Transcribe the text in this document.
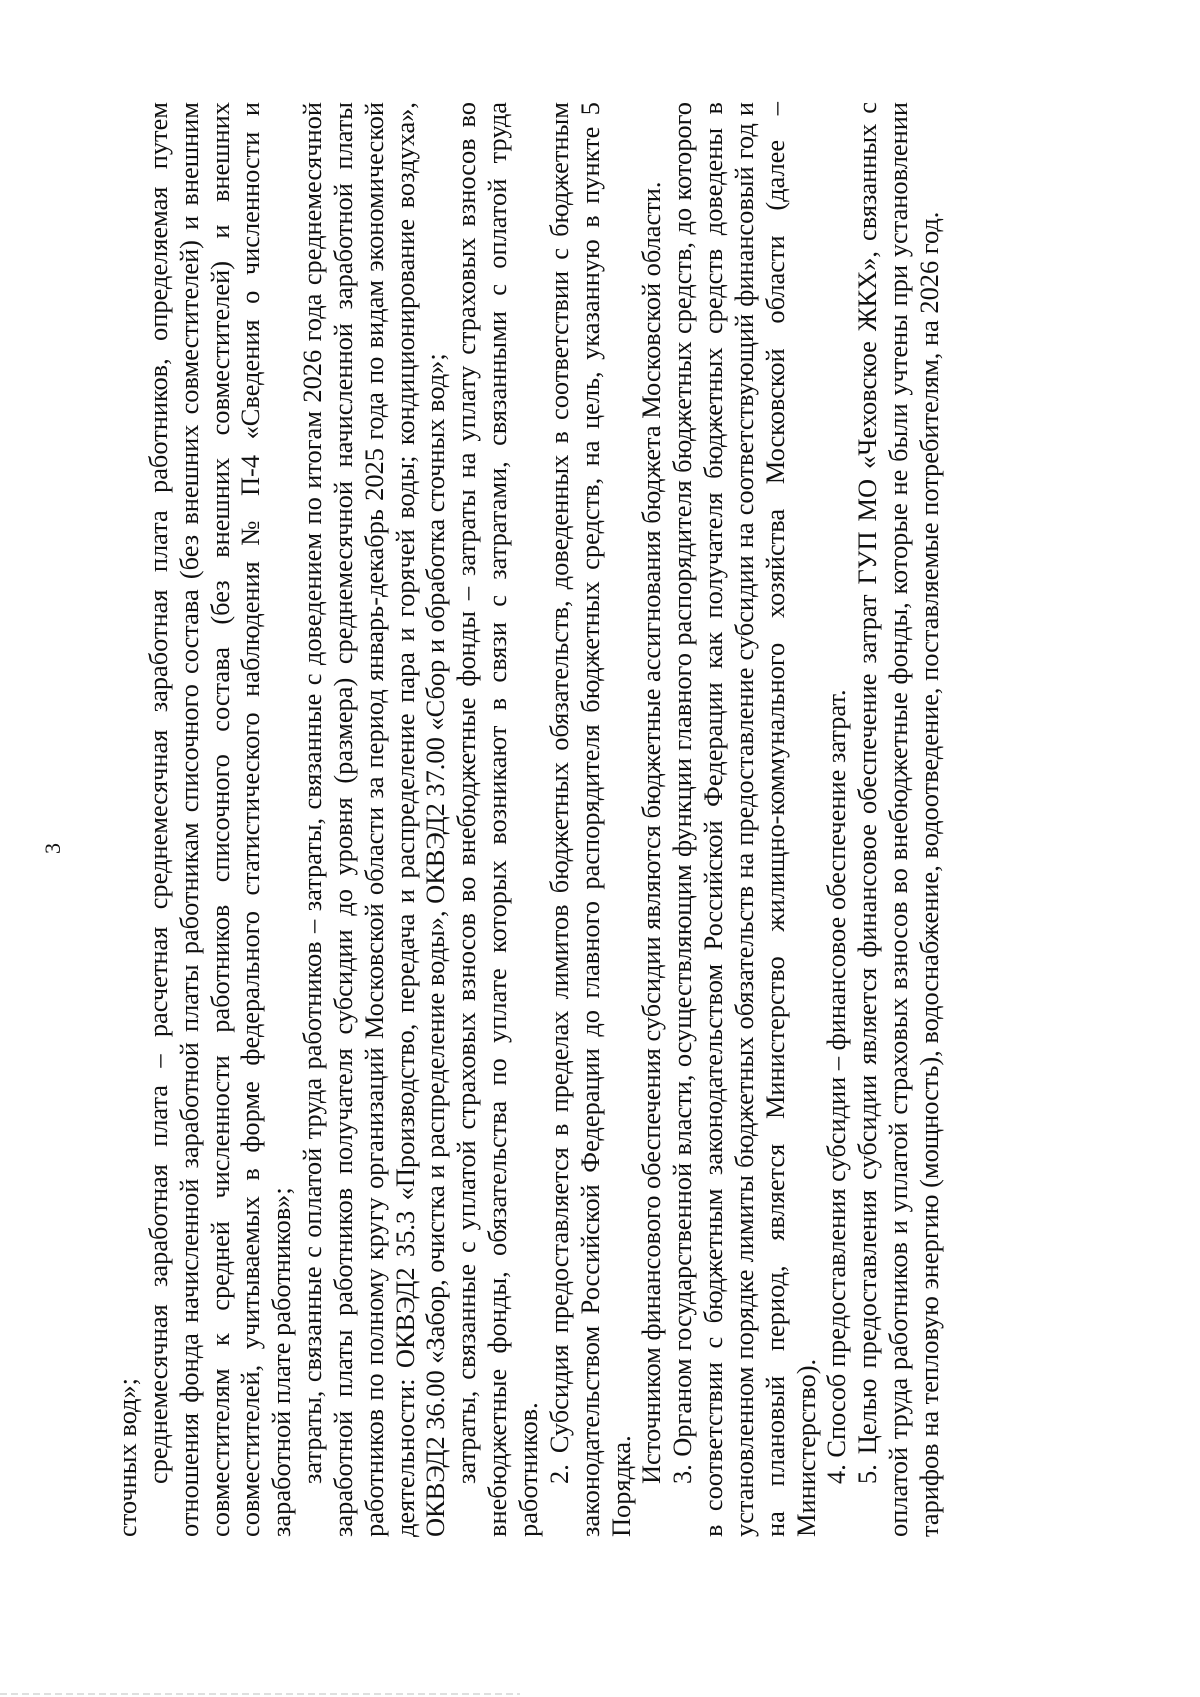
3

сточных вод»; среднемесячная заработная плата – расчетная среднемесячная заработная плата работников, определяемая путем отношения фонда начисленной заработной платы работникам списочного состава (без внешних совместителей) и внешним совместителям к средней численности работников списочного состава (без внешних совместителей) и внешних совместителей, учитываемых в форме федерального статистического наблюдения № П-4 «Сведения о численности и заработной плате работников»; затраты, связанные с оплатой труда работников – затраты, связанные с доведением по итогам 2026 года среднемесячной заработной платы работников получателя субсидии до уровня (размера) среднемесячной начисленной заработной платы работников по полному кругу организаций Московской области за период январь-декабрь 2025 года по видам экономической деятельности: ОКВЭД2 35.3 «Производство, передача и распределение пара и горячей воды; кондиционирование воздуха», ОКВЭД2 36.00 «Забор, очистка и распределение воды», ОКВЭД2 37.00 «Сбор и обработка сточных вод»; затраты, связанные с уплатой страховых взносов во внебюджетные фонды – затраты на уплату страховых взносов во внебюджетные фонды, обязательства по уплате которых возникают в связи с затратами, связанными с оплатой труда работников. 2. Субсидия предоставляется в пределах лимитов бюджетных обязательств, доведенных в соответствии с бюджетным законодательством Российской Федерации до главного распорядителя бюджетных средств, на цель, указанную в пункте 5 Порядка.

Источником финансового обеспечения субсидии являются бюджетные ассигнования бюджета Московской области. 3. Органом государственной власти, осуществляющим функции главного распорядителя бюджетных средств, до которого в соответствии с бюджетным законодательством Российской Федерации как получателя бюджетных средств доведены в установленном порядке лимиты бюджетных обязательств на предоставление субсидии на соответствующий финансовый год и на плановый период, является Министерство жилищно-коммунального хозяйства Московской области (далее – Министерство). 4. Способ предоставления субсидии – финансовое обеспечение затрат. 5. Целью предоставления субсидии является финансовое обеспечение затрат ГУП МО «Чеховское ЖКХ», связанных с оплатой труда работников и уплатой страховых взносов во внебюджетные фонды, которые не были учтены при установлении тарифов на тепловую энергию (мощность), водоснабжение, водоотведение, поставляемые потребителям, на 2026 год.
